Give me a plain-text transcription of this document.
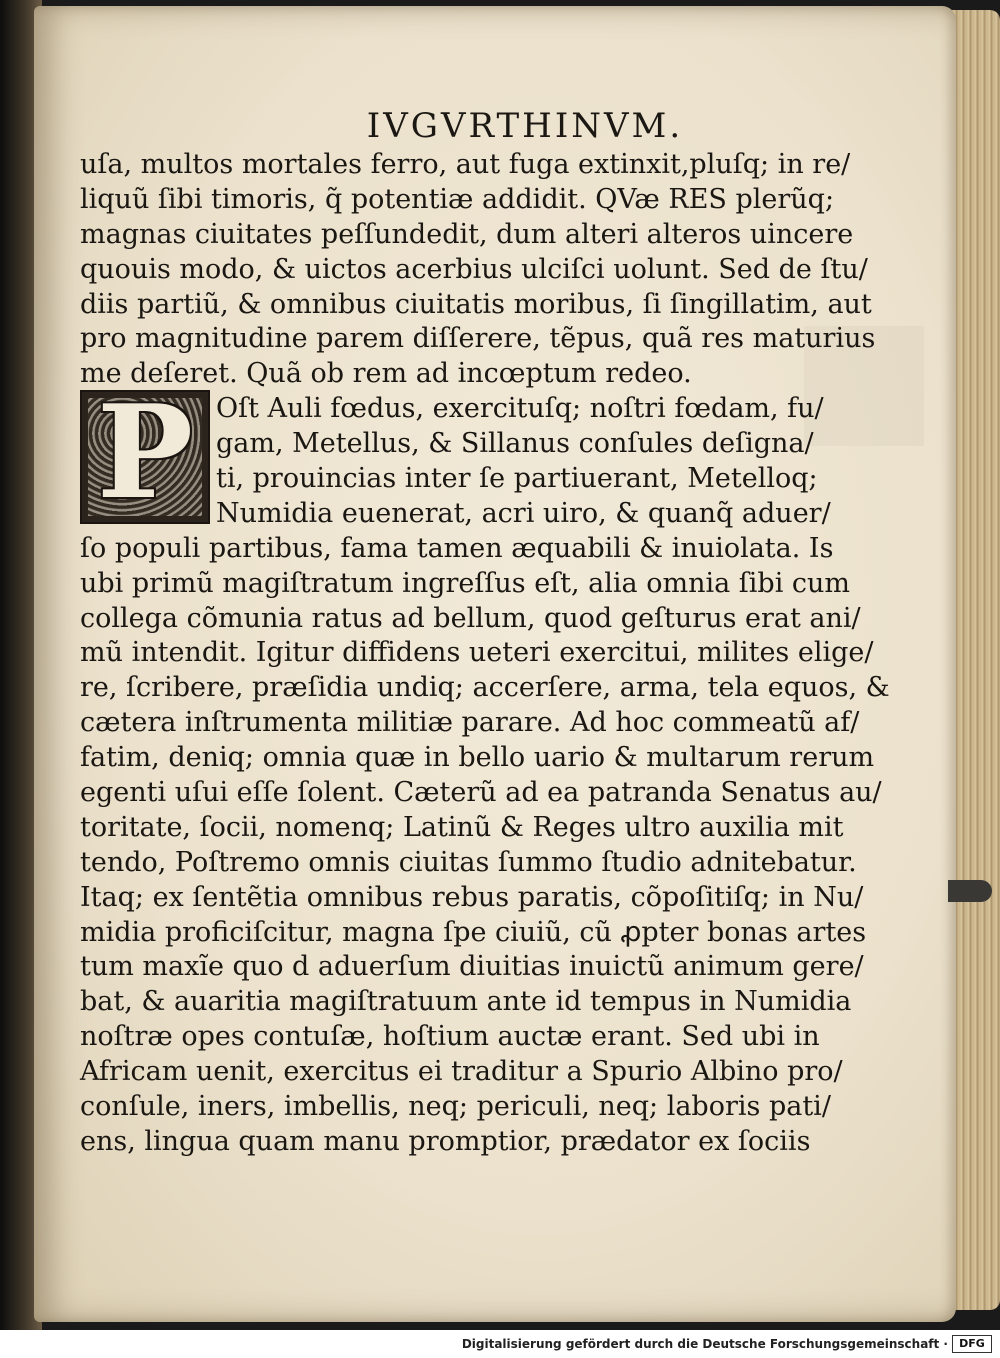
IVGVRTHINVM.
uſa, multos mortales ferro, aut fuga extinxit,pluſq; in re/
liquũ ſibi timoris, q̃ potentiæ addidit. QVæ RES plerũq;
magnas ciuitates peſſundedit, dum alteri alteros uincere
quouis modo, & uictos acerbius ulciſci uolunt. Sed de ſtu/
diis partiũ, & omnibus ciuitatis moribus, ſi ſingillatim, aut
pro magnitudine parem diſſerere, tẽpus, quã res maturius
me deſeret. Quã ob rem ad incœptum redeo.
Oſt Auli fœdus, exercituſq; noſtri fœdam, fu/
gam, Metellus, & Sillanus conſules deſigna/
ti, prouincias inter ſe partiuerant, Metelloq;
Numidia euenerat, acri uiro, & quanq̃ aduer/
ſo populi partibus, fama tamen æquabili & inuiolata. Is
ubi primũ magiſtratum ingreſſus eſt, alia omnia ſibi cum
collega cõmunia ratus ad bellum, quod geſturus erat ani/
mũ intendit. Igitur diffidens ueteri exercitui, milites elige/
re, ſcribere, præſidia undiq; accerſere, arma, tela equos, &
cætera inſtrumenta militiæ parare. Ad hoc commeatũ af/
fatim, deniq; omnia quæ in bello uario & multarum rerum
egenti uſui eſſe ſolent. Cæterũ ad ea patranda Senatus au/
toritate, ſocii, nomenq; Latinũ & Reges ultro auxilia mit
tendo, Poſtremo omnis ciuitas ſummo ſtudio adnitebatur.
Itaq; ex ſentẽtia omnibus rebus paratis, cõpoſitiſq; in Nu/
midia proficiſcitur, magna ſpe ciuiũ, cũ ꝓpter bonas artes
tum maxĩe quo d aduerſum diuitias inuictũ animum gere/
bat, & auaritia magiſtratuum ante id tempus in Numidia
noſtræ opes contuſæ, hoſtium auctæ erant. Sed ubi in
Africam uenit, exercitus ei traditur a Spurio Albino pro/
conſule, iners, imbellis, neq; periculi, neq; laboris pati/
ens, lingua quam manu promptior, prædator ex ſociis
P
Digitalisierung gefördert durch die Deutsche Forschungsgemeinschaft ·	DFG
